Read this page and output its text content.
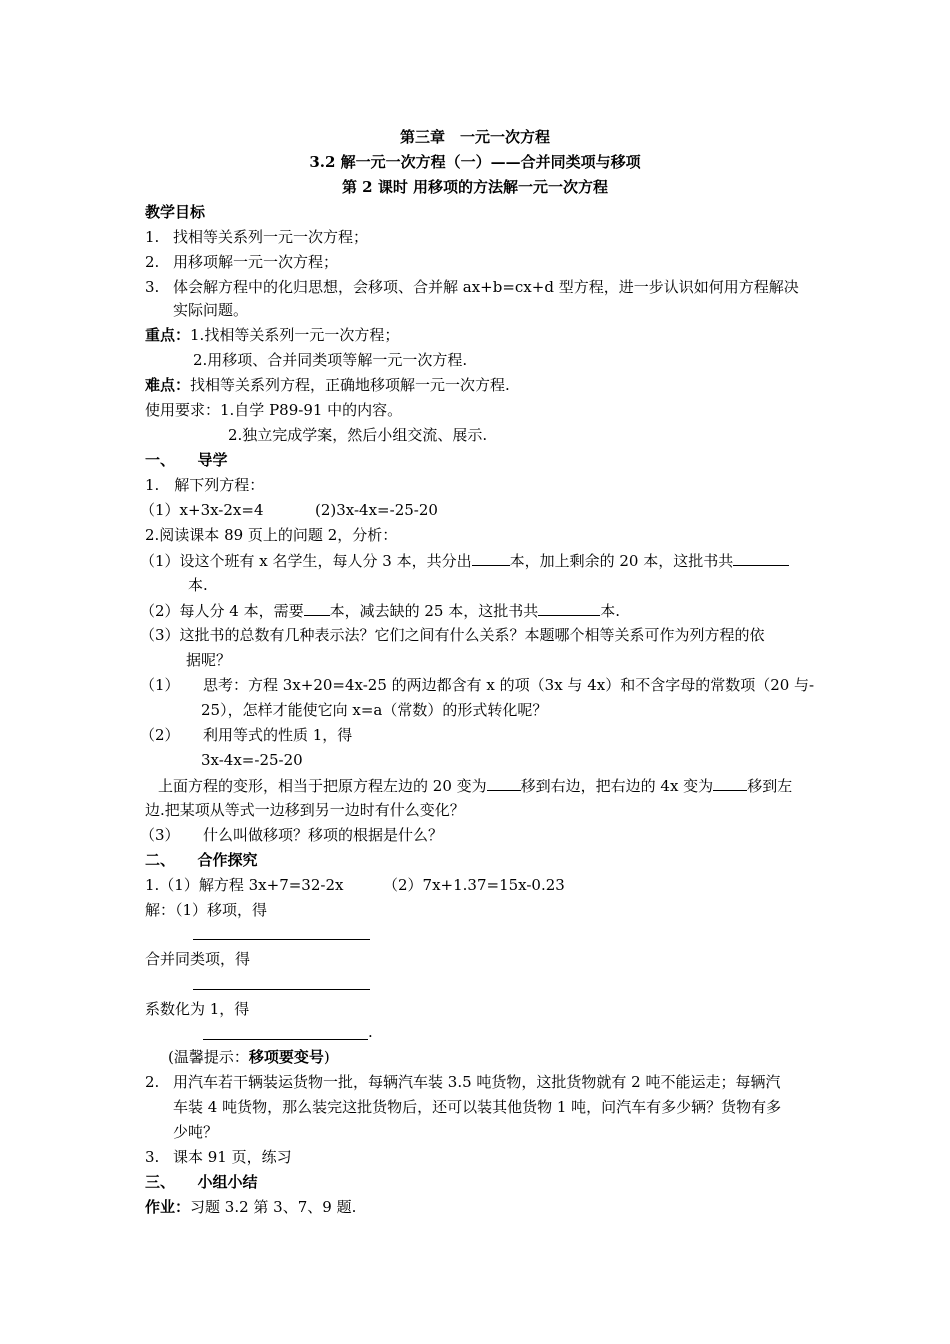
第三章　一元一次方程
3.2 解一元一次方程（一）——合并同类项与移项
第 2 课时 用移项的方法解一元一次方程
教学目标
1. 找相等关系列一元一次方程；
2. 用移项解一元一次方程；
3. 体会解方程中的化归思想，会移项、合并解 ax+b=cx+d 型方程，进一步认识如何用方程解决
实际问题。
重点：1.找相等关系列一元一次方程；
2.用移项、合并同类项等解一元一次方程.
难点：找相等关系列方程，正确地移项解一元一次方程.
使用要求：1.自学 P89-91 中的内容。
2.独立完成学案，然后小组交流、展示.
一、　　导学
1.　解下列方程：
（1）x+3x-2x=4	(2)3x-4x=-25-20
2.阅读课本 89 页上的问题 2，分析：
（1）设这个班有 x 名学生，每人分 3 本，共分出	本，加上剩余的 20 本，这批书共
本.
（2）每人分 4 本，需要 本，减去缺的 25 本，这批书共	本.
（3）这批书的总数有几种表示法？它们之间有什么关系？本题哪个相等关系可作为列方程的依
据呢？
（1） 思考：方程 3x+20=4x-25 的两边都含有 x 的项（3x 与 4x）和不含字母的常数项（20 与-
25），怎样才能使它向 x=a（常数）的形式转化呢？
（2） 利用等式的性质 1，得
3x-4x=-25-20
上面方程的变形，相当于把原方程左边的 20 变为 移到右边，把右边的 4x 变为 移到左
边.把某项从等式一边移到另一边时有什么变化？
（3） 什么叫做移项？移项的根据是什么？
二、　　合作探究
1.（1）解方程 3x+7=32-2x	（2）7x+1.37=15x-0.23
解：（1）移项，得
合并同类项，得
系数化为 1，得
.
(温馨提示：移项要变号)
2. 用汽车若干辆装运货物一批，每辆汽车装 3.5 吨货物，这批货物就有 2 吨不能运走；每辆汽
车装 4 吨货物，那么装完这批货物后，还可以装其他货物 1 吨，问汽车有多少辆？货物有多
少吨？
3. 课本 91 页，练习
三、　　小组小结
作业：习题 3.2 第 3、7、9 题.
